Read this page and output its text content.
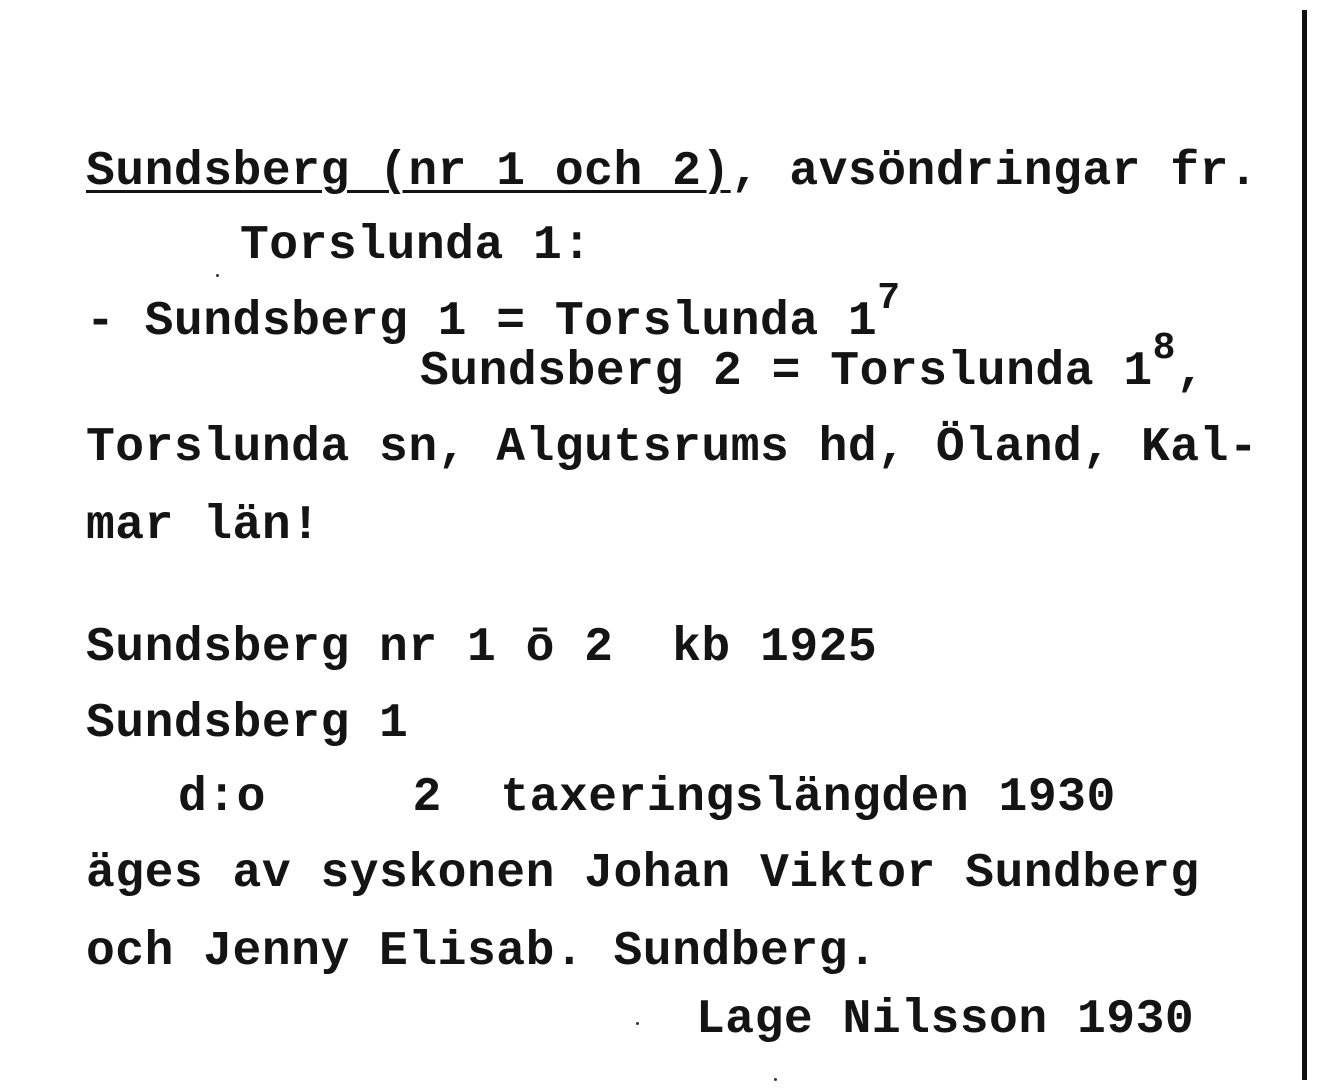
Sundsberg (nr 1 och 2), avsöndringar fr.
Torslunda 1:
- Sundsberg 1 = Torslunda $1^7$
Sundsberg 2 = Torslunda $1^8$,
Torslunda sn, Algutsrums hd, Öland, Kal-
mar län!
Sundsberg nr 1 ō 2  kb 1925
Sundsberg 1
d:o     2  taxeringslängden 1930
äges av syskonen Johan Viktor Sundberg
och Jenny Elisab. Sundberg.
Lage Nilsson 1930
